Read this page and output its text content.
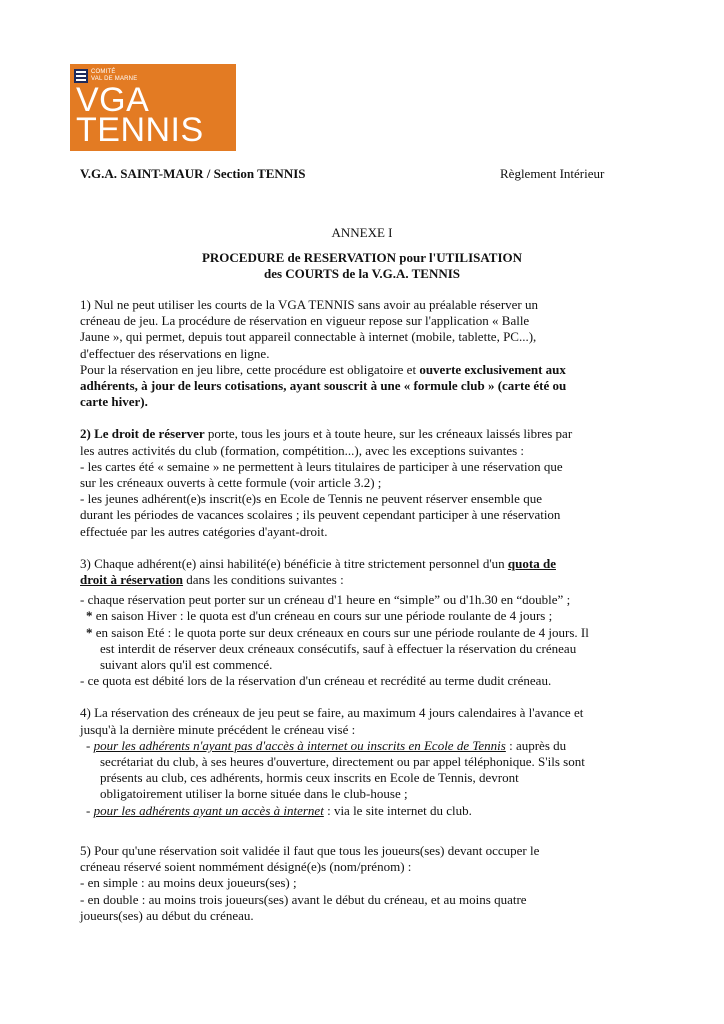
COMITÉ
VAL DE MARNE
VGA
TENNIS
V.G.A. SAINT-MAUR / Section TENNIS	Règlement Intérieur
ANNEXE I
PROCEDURE de RESERVATION pour l'UTILISATION
des COURTS de la V.G.A. TENNIS

1) Nul ne peut utiliser les courts de la VGA TENNIS sans avoir au préalable réserver un
créneau de jeu. La procédure de réservation en vigueur repose sur l'application « Balle
Jaune », qui permet, depuis tout appareil connectable à internet (mobile, tablette, PC...),
d'effectuer des réservations en ligne.
Pour la réservation en jeu libre, cette procédure est obligatoire et ouverte exclusivement aux
adhérents, à jour de leurs cotisations, ayant souscrit à une « formule club » (carte été ou
carte hiver).

2) Le droit de réserver porte, tous les jours et à toute heure, sur les créneaux laissés libres par
les autres activités du club (formation, compétition...), avec les exceptions suivantes :
- les cartes été « semaine » ne permettent à leurs titulaires de participer à une réservation que
sur les créneaux ouverts à cette formule (voir article 3.2) ;
- les jeunes adhérent(e)s inscrit(e)s en Ecole de Tennis ne peuvent réserver ensemble que
durant les périodes de vacances scolaires ; ils peuvent cependant participer à une réservation
effectuée par les autres catégories d'ayant-droit.

3) Chaque adhérent(e) ainsi habilité(e) bénéficie à titre strictement personnel d'un quota de
droit à réservation dans les conditions suivantes :
- chaque réservation peut porter sur un créneau d'1 heure en “simple” ou d'1h.30 en “double” ;
* en saison Hiver : le quota est d'un créneau en cours sur une période roulante de 4 jours ;
* en saison Eté : le quota porte sur deux créneaux en cours sur une période roulante de 4 jours. Il
est interdit de réserver deux créneaux consécutifs, sauf à effectuer la réservation du créneau
suivant alors qu'il est commencé.
- ce quota est débité lors de la réservation d'un créneau et recrédité au terme dudit créneau.

4) La réservation des créneaux de jeu peut se faire, au maximum 4 jours calendaires à l'avance et
jusqu'à la dernière minute précédent le créneau visé :
- pour les adhérents n'ayant pas d'accès à internet ou inscrits en Ecole de Tennis : auprès du
secrétariat du club, à ses heures d'ouverture, directement ou par appel téléphonique. S'ils sont
présents au club, ces adhérents, hormis ceux inscrits en Ecole de Tennis, devront
obligatoirement utiliser la borne située dans le club-house ;
- pour les adhérents ayant un accès à internet : via le site internet du club.

5) Pour qu'une réservation soit validée il faut que tous les joueurs(ses) devant occuper le
créneau réservé soient nommément désigné(e)s (nom/prénom) :
- en simple : au moins deux joueurs(ses) ;
- en double : au moins trois joueurs(ses) avant le début du créneau, et au moins quatre
joueurs(ses) au début du créneau.
